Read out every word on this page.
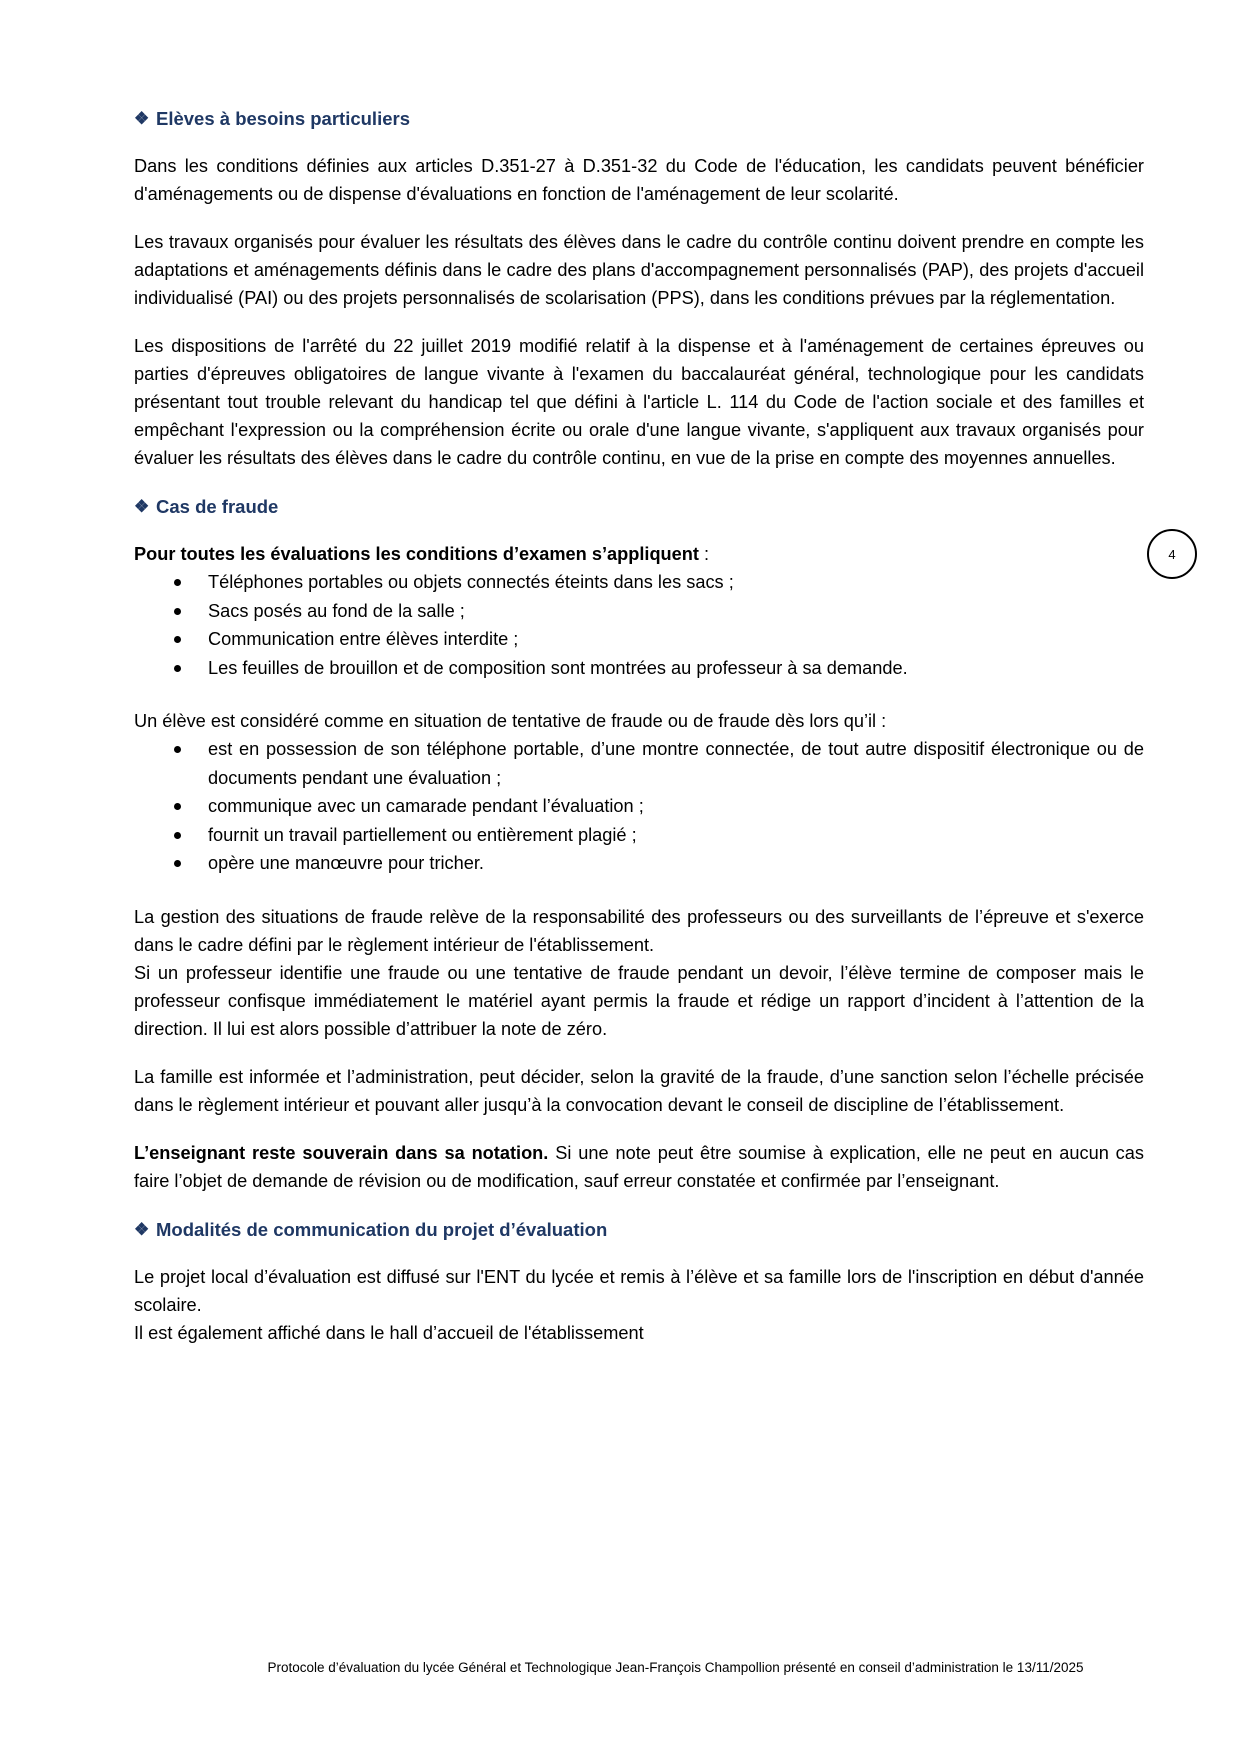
❖ Elèves à besoins particuliers

Dans les conditions définies aux articles D.351-27 à D.351-32 du Code de l'éducation, les candidats peuvent bénéficier d'aménagements ou de dispense d'évaluations en fonction de l'aménagement de leur scolarité.

Les travaux organisés pour évaluer les résultats des élèves dans le cadre du contrôle continu doivent prendre en compte les adaptations et aménagements définis dans le cadre des plans d'accompagnement personnalisés (PAP), des projets d'accueil individualisé (PAI) ou des projets personnalisés de scolarisation (PPS), dans les conditions prévues par la réglementation.

Les dispositions de l'arrêté du 22 juillet 2019 modifié relatif à la dispense et à l'aménagement de certaines épreuves ou parties d'épreuves obligatoires de langue vivante à l'examen du baccalauréat général, technologique pour les candidats présentant tout trouble relevant du handicap tel que défini à l'article L. 114 du Code de l'action sociale et des familles et empêchant l'expression ou la compréhension écrite ou orale d'une langue vivante, s'appliquent aux travaux organisés pour évaluer les résultats des élèves dans le cadre du contrôle continu, en vue de la prise en compte des moyennes annuelles.

❖ Cas de fraude

Pour toutes les évaluations les conditions d’examen s’appliquent :

Téléphones portables ou objets connectés éteints dans les sacs ;
Sacs posés au fond de la salle ;
Communication entre élèves interdite ;
Les feuilles de brouillon et de composition sont montrées au professeur à sa demande.

Un élève est considéré comme en situation de tentative de fraude ou de fraude dès lors qu’il :

est en possession de son téléphone portable, d’une montre connectée, de tout autre dispositif électronique ou de documents pendant une évaluation ;
communique avec un camarade pendant l’évaluation ;
fournit un travail partiellement ou entièrement plagié ;
opère une manœuvre pour tricher.

La gestion des situations de fraude relève de la responsabilité des professeurs ou des surveillants de l’épreuve et s'exerce dans le cadre défini par le règlement intérieur de l'établissement.

Si un professeur identifie une fraude ou une tentative de fraude pendant un devoir, l’élève termine de composer mais le professeur confisque immédiatement le matériel ayant permis la fraude et rédige un rapport d’incident à l’attention de la direction. Il lui est alors possible d’attribuer la note de zéro.

La famille est informée et l’administration, peut décider, selon la gravité de la fraude, d’une sanction selon l’échelle précisée dans le règlement intérieur et pouvant aller jusqu’à la convocation devant le conseil de discipline de l’établissement.

L’enseignant reste souverain dans sa notation. Si une note peut être soumise à explication, elle ne peut en aucun cas faire l’objet de demande de révision ou de modification, sauf erreur constatée et confirmée par l’enseignant.

❖ Modalités de communication du projet d’évaluation

Le projet local d’évaluation est diffusé sur l'ENT du lycée et remis à l’élève et sa famille lors de l'inscription en début d'année scolaire.

Il est également affiché dans le hall d’accueil de l'établissement

4
Protocole d’évaluation du lycée Général et Technologique Jean-François Champollion présenté en conseil d’administration le 13/11/2025
